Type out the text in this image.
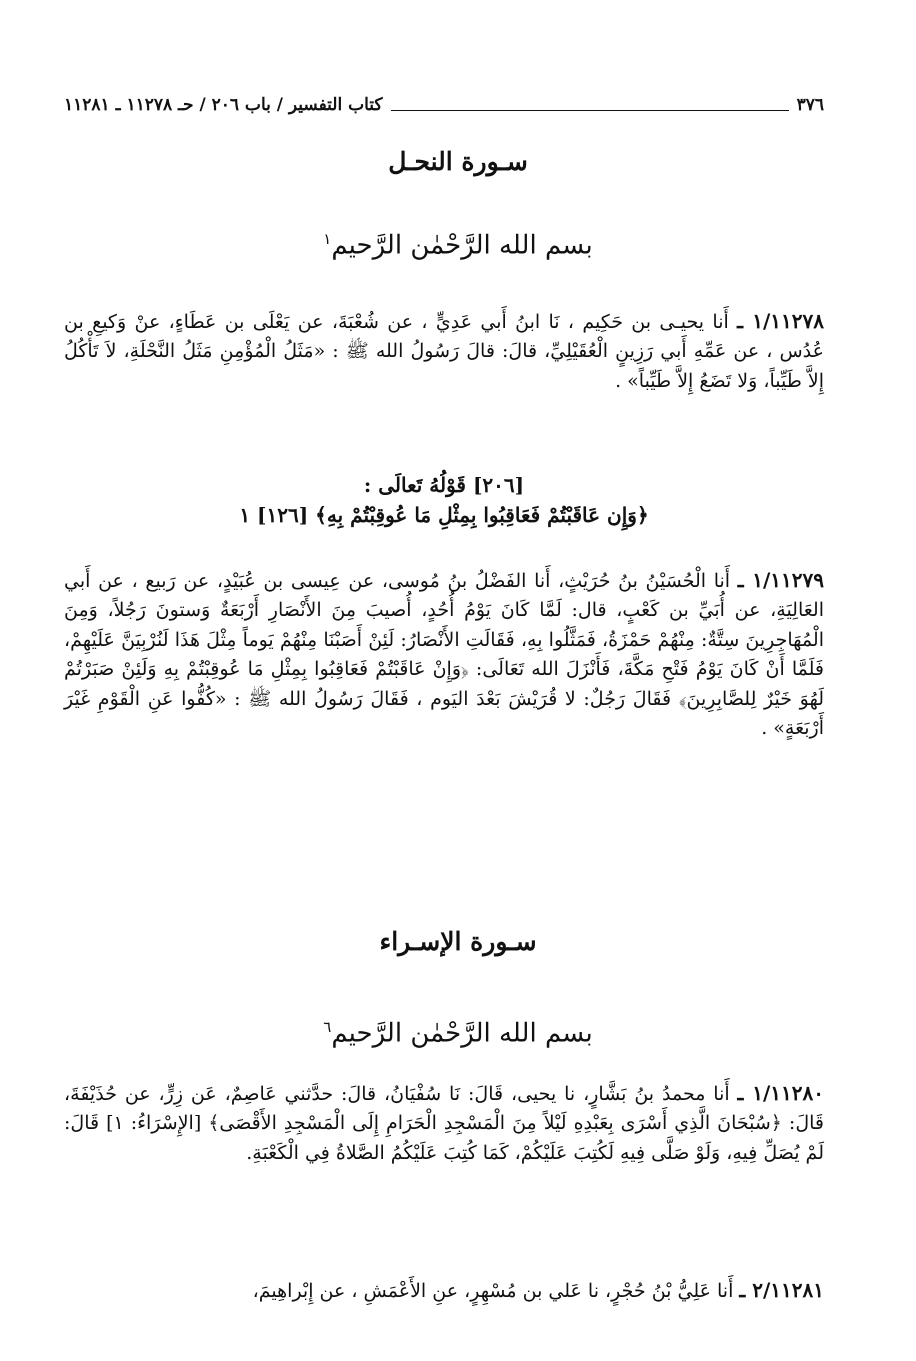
٣٧٦
كتاب التفسير / باب ٢٠٦ / حـ ١١٢٧٨ ـ ١١٢٨١
سـورة النحـل
بسم الله الرَّحْمٰن الرَّحيم$^١$
١/١١٢٧٨ ـ أَنا يحيـى بن حَكِيم ، نَا ابنُ أَبي عَدِيٍّ ، عن شُعْبَةَ، عن يَعْلَى بن عَطَاءٍ، عنْ وَكيعِ بن عُدُس ، عن عَمِّهِ أَبي رَزِينٍ الْعُقَيْلِيِّ، قالَ: قالَ رَسُولُ الله ﷺ : «مَثَلُ الْمُؤْمِنِ مَثَلُ النَّحْلَةِ، لاَ تَأْكُلُ إِلاَّ طَيِّباً، وَلا تَضَعُ إِلاَّ طَيِّباً» .
[٢٠٦] قَوْلُهُ تَعالَى :
﴿وَإِن عَاقَبْتُمْ فَعَاقِبُوا بِمِثْلِ مَا عُوقِبْتُمْ بِهِ﴾ [١٢٦] ١
١/١١٢٧٩ ـ أَنا الْحُسَيْنُ بنُ حُرَيْثٍ، أَنا الفَضْلُ بنُ مُوسى، عن عِيسى بن عُبَيْدٍ، عن رَبيع ، عن أَبي العَالِيَةِ، عن أُبَيِّ بن كَعْبٍ، قال: لَمَّا كَانَ يَوْمُ أُحُدٍ، أُصيبَ مِنَ الأَنْصَارِ أَرْبَعَةٌ وَستونَ رَجُلاً، وَمِنَ الْمُهَاجِرِينَ سِتَّةٌ: مِنْهُمْ حَمْزَةُ، فَمَثَّلُوا بِهِ، فَقَالَتِ الأَنْصَارُ: لَئِنْ أَصَبْنَا مِنْهُمْ يَوماً مِثْلَ هَذَا لَنُرْبِيَنَّ عَلَيْهِمْ، فَلَمَّا أَنْ كَانَ يَوْمُ فَتْحِ مَكَّةَ، فَأَنْزَلَ الله تَعَالَى: ﴿وَإِنْ عَاقَبْتُمْ فَعَاقِبُوا بِمِثْلِ مَا عُوقِبْتُمْ بِهِ وَلَئِنْ صَبَرْتُمْ لَهُوَ خَيْرٌ لِلصَّابِرِينَ﴾ فَقَالَ رَجُلٌ: لا قُرَيْشَ بَعْدَ اليَوم ، فَقَالَ رَسُولُ الله ﷺ : «كُفُّوا عَنِ الْقَوْمِ غَيْرَ أَرْبَعَةٍ» .
سـورة الإسـراء
بسم الله الرَّحْمٰن الرَّحيم$^٦$
١/١١٢٨٠ ـ أَنا محمدُ بنُ بَشَّارٍ، نا يحيى، قَالَ: نَا سُفْيَانُ، قالَ: حدَّثني عَاصِمٌ، عَن زِرٍّ، عن حُذَيْفَةَ، قَالَ: ﴿سُبْحَانَ الَّذِي أَسْرَى بِعَبْدِهِ لَيْلاً مِنَ الْمَسْجِدِ الْحَرَامِ إِلَى الْمَسْجِدِ الأَقْصَى﴾ [الإِسْرَاءُ: ١] قَالَ: لَمْ يُصَلِّ فِيهِ، وَلَوْ صَلَّى فِيهِ لَكُتِبَ عَلَيْكُمْ، كَمَا كُتِبَ عَلَيْكُمُ الصَّلاةُ فِي الْكَعْبَةِ.
٢/١١٢٨١ ـ أَنا عَلِيُّ بْنُ حُجْرٍ، نا عَلي بن مُسْهِرٍ، عنِ الأَعْمَشِ ، عن إِبْراهِيمَ،
